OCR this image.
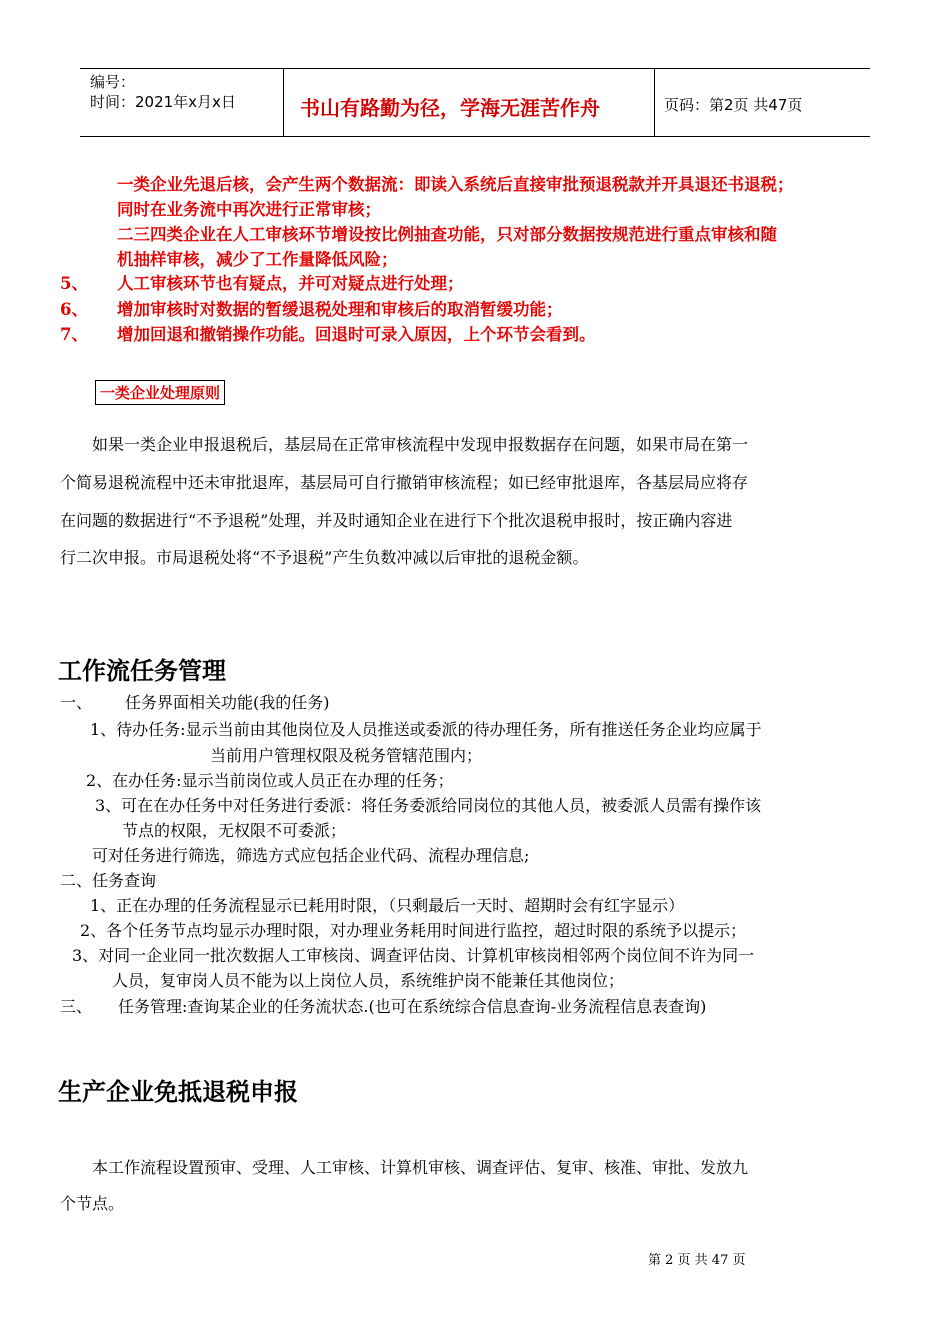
编号：
时间：2021年x月x日	书山有路勤为径，学海无涯苦作舟	页码：第2页 共47页
一类企业先退后核，会产生两个数据流：即读入系统后直接审批预退税款并开具退还书退税；
同时在业务流中再次进行正常审核；
二三四类企业在人工审核环节增设按比例抽查功能，只对部分数据按规范进行重点审核和随
机抽样审核，减少了工作量降低风险；
5、 人工审核环节也有疑点，并可对疑点进行处理；
6、 增加审核时对数据的暂缓退税处理和审核后的取消暂缓功能；
7、 增加回退和撤销操作功能。回退时可录入原因，上个环节会看到。
一类企业处理原则
如果一类企业申报退税后，基层局在正常审核流程中发现申报数据存在问题，如果市局在第一
个简易退税流程中还未审批退库，基层局可自行撤销审核流程；如已经审批退库，各基层局应将存
在问题的数据进行“不予退税”处理，并及时通知企业在进行下个批次退税申报时，按正确内容进
行二次申报。市局退税处将“不予退税”产生负数冲减以后审批的退税金额。
工作流任务管理
一、 任务界面相关功能(我的任务)
1、待办任务:显示当前由其他岗位及人员推送或委派的待办理任务，所有推送任务企业均应属于
当前用户管理权限及税务管辖范围内；
2、在办任务:显示当前岗位或人员正在办理的任务；
3、可在在办任务中对任务进行委派：将任务委派给同岗位的其他人员，被委派人员需有操作该
节点的权限，无权限不可委派；
可对任务进行筛选，筛选方式应包括企业代码、流程办理信息;
二、任务查询
1、正在办理的任务流程显示已耗用时限，（只剩最后一天时、超期时会有红字显示）
2、各个任务节点均显示办理时限，对办理业务耗用时间进行监控，超过时限的系统予以提示；
3、对同一企业同一批次数据人工审核岗、调查评估岗、计算机审核岗相邻两个岗位间不许为同一
人员，复审岗人员不能为以上岗位人员，系统维护岗不能兼任其他岗位；
三、 任务管理:查询某企业的任务流状态.(也可在系统综合信息查询-业务流程信息表查询)
生产企业免抵退税申报
本工作流程设置预审、受理、人工审核、计算机审核、调查评估、复审、核准、审批、发放九
个节点。
第 2 页 共 47 页
